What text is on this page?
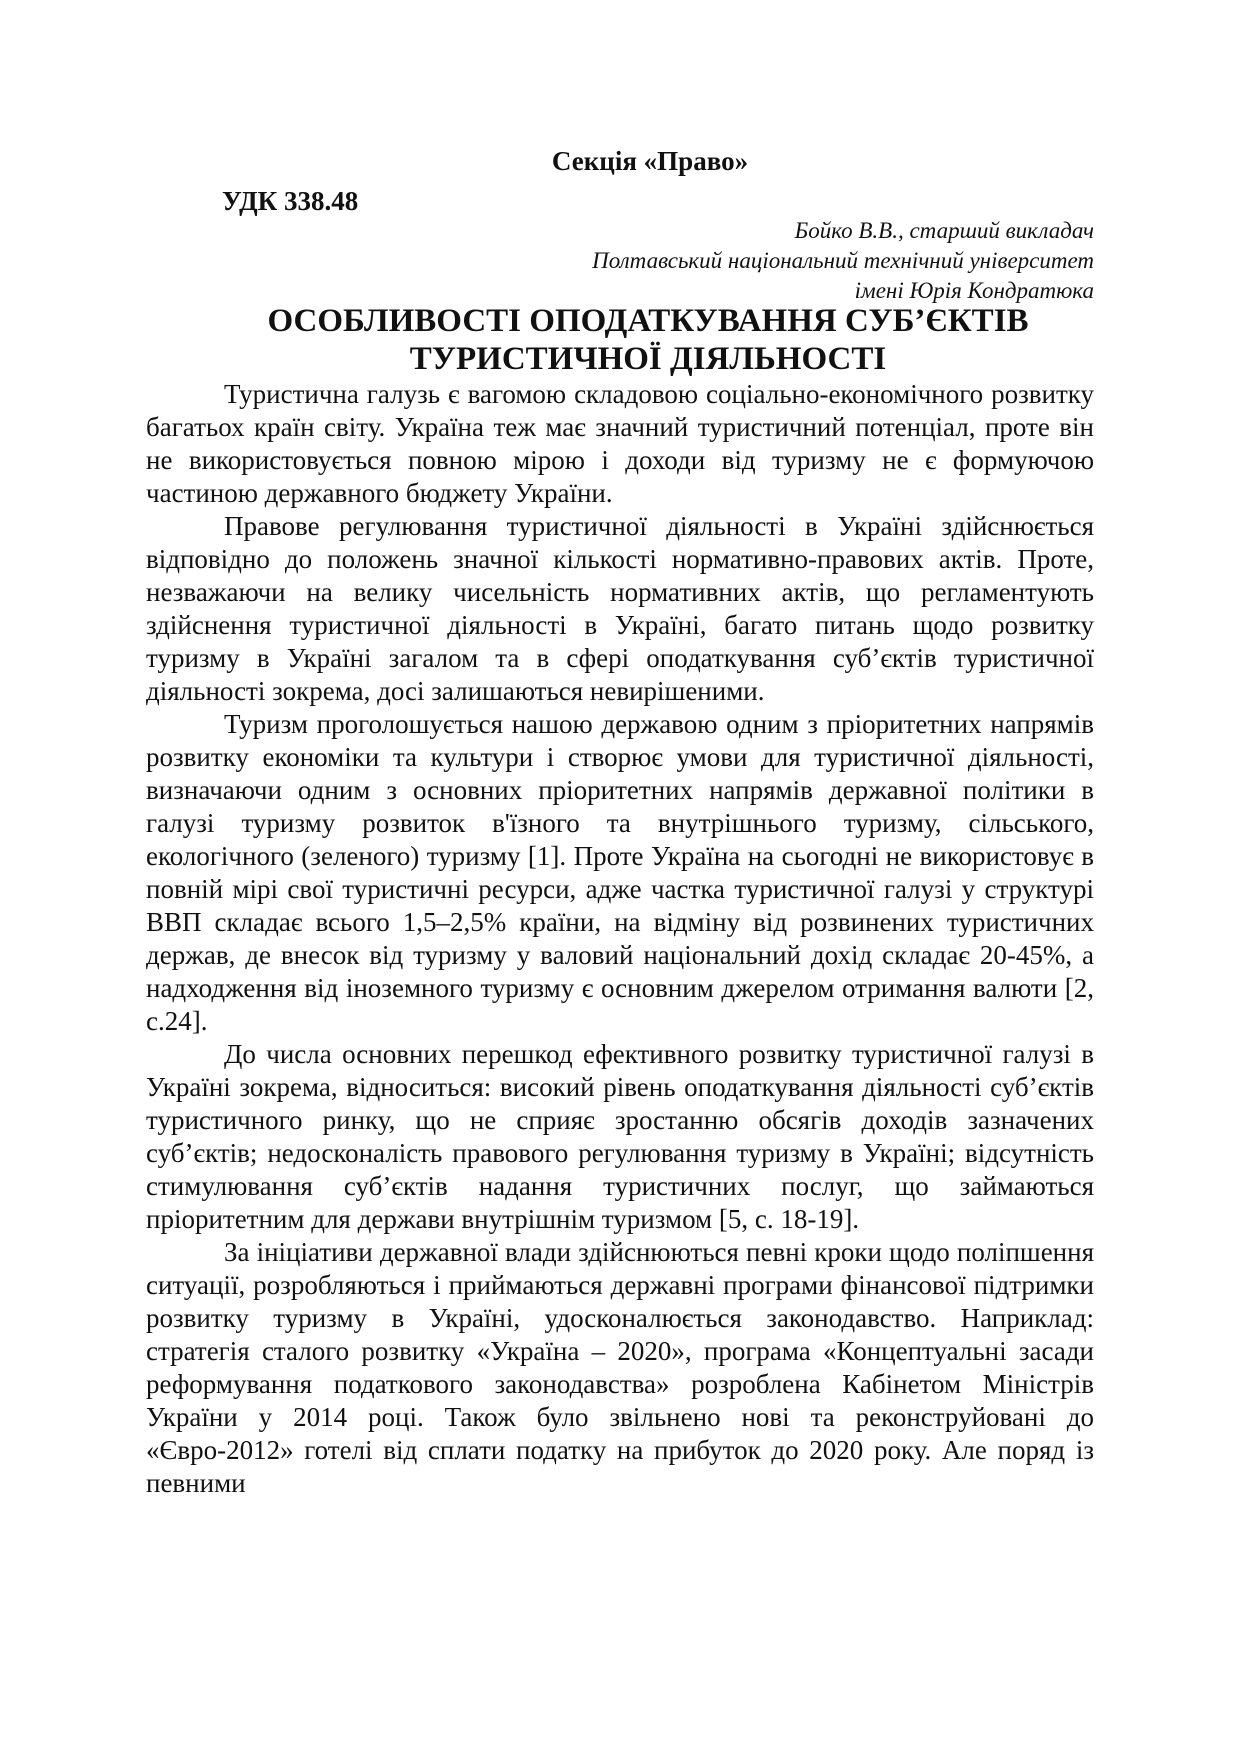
Секція «Право»
УДК 338.48
Бойко В.В., старший викладач
Полтавський національний технічний університет
імені Юрія Кондратюка
ОСОБЛИВОСТІ ОПОДАТКУВАННЯ СУБ’ЄКТІВ
ТУРИСТИЧНОЇ ДІЯЛЬНОСТІ

Туристична галузь є вагомою складовою соціально-економічного розвитку багатьох країн світу. Україна теж має значний туристичний потенціал, проте він не використовується повною мірою і доходи від туризму не є формуючою частиною державного бюджету України.

Правове регулювання туристичної діяльності в Україні здійснюється відповідно до положень значної кількості нормативно-правових актів. Проте, незважаючи на велику чисельність нормативних актів, що регламентують здійснення туристичної діяльності в Україні, багато питань щодо розвитку туризму в Україні загалом та в сфері оподаткування суб’єктів туристичної діяльності зокрема, досі залишаються невирішеними.

Туризм проголошується нашою державою одним з пріоритетних напрямів розвитку економіки та культури і створює умови для туристичної діяльності, визначаючи одним з основних пріоритетних напрямів державної політики в галузі туризму розвиток в'їзного та внутрішнього туризму, сільського, екологічного (зеленого) туризму [1]. Проте Україна на сьогодні не використовує в повній мірі свої туристичні ресурси, адже частка туристичної галузі у структурі ВВП складає всього 1,5–2,5% країни, на відміну від розвинених туристичних держав, де внесок від туризму у валовий національний дохід складає 20-45%, а надходження від іноземного туризму є основним джерелом отримання валюти [2, с.24].

До числа основних перешкод ефективного розвитку туристичної галузі в Україні зокрема, відноситься: високий рівень оподаткування діяльності суб’єктів туристичного ринку, що не сприяє зростанню обсягів доходів зазначених суб’єктів; недосконалість правового регулювання туризму в Україні; відсутність стимулювання суб’єктів надання туристичних послуг, що займаються пріоритетним для держави внутрішнім туризмом [5, с. 18-19].

За ініціативи державної влади здійснюються певні кроки щодо поліпшення ситуації, розробляються і приймаються державні програми фінансової підтримки розвитку туризму в Україні, удосконалюється законодавство. Наприклад: стратегія сталого розвитку «Україна – 2020», програма «Концептуальні засади реформування податкового законодавства» розроблена Кабінетом Міністрів України у 2014 році. Також було звільнено нові та реконструйовані до «Євро-2012» готелі від сплати податку на прибуток до 2020 року. Але поряд із певними
